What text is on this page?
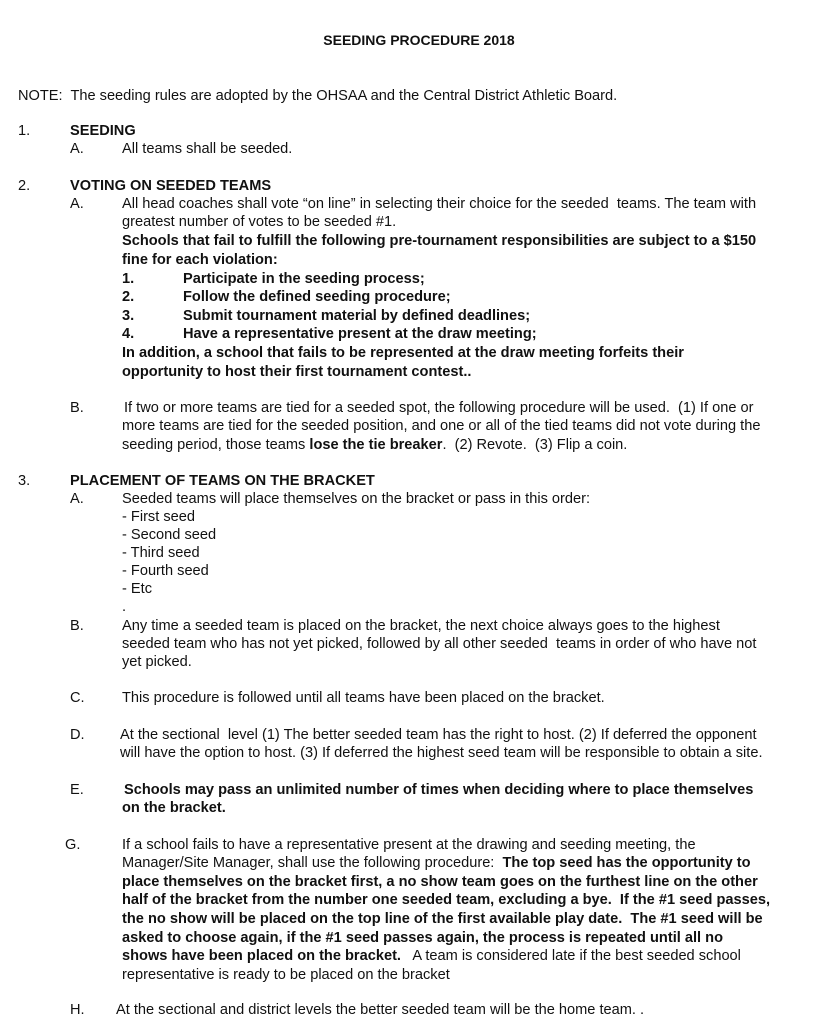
SEEDING PROCEDURE 2018
NOTE:  The seeding rules are adopted by the OHSAA and the Central District Athletic Board.
1.	SEEDING
A.	All teams shall be seeded.
2.	VOTING ON SEEDED TEAMS
A.	All head coaches shall vote “on line” in selecting their choice for the seeded  teams. The team with
greatest number of votes to be seeded #1.
Schools that fail to fulfill the following pre-tournament responsibilities are subject to a $150
fine for each violation:
1.	Participate in the seeding process;
2.	Follow the defined seeding procedure;
3.	Submit tournament material by defined deadlines;
4.	Have a representative present at the draw meeting;
In addition, a school that fails to be represented at the draw meeting forfeits their
opportunity to host their first tournament contest..
B.	If two or more teams are tied for a seeded spot, the following procedure will be used.  (1) If one or
more teams are tied for the seeded position, and one or all of the tied teams did not vote during the
seeding period, those teams lose the tie breaker.  (2) Revote.  (3) Flip a coin.
3.	PLACEMENT OF TEAMS ON THE BRACKET
A.	Seeded teams will place themselves on the bracket or pass in this order:
- First seed
- Second seed
- Third seed
- Fourth seed
- Etc
.
B.	Any time a seeded team is placed on the bracket, the next choice always goes to the highest
seeded team who has not yet picked, followed by all other seeded  teams in order of who have not
yet picked.
C.	This procedure is followed until all teams have been placed on the bracket.
D. At the sectional  level (1) The better seeded team has the right to host. (2) If deferred the opponent
will have the option to host. (3) If deferred the highest seed team will be responsible to obtain a site.
E.	Schools may pass an unlimited number of times when deciding where to place themselves
on the bracket.
G.	If a school fails to have a representative present at the drawing and seeding meeting, the
Manager/Site Manager, shall use the following procedure:  The top seed has the opportunity to
place themselves on the bracket first, a no show team goes on the furthest line on the other
half of the bracket from the number one seeded team, excluding a bye.  If the #1 seed passes,
the no show will be placed on the top line of the first available play date.  The #1 seed will be
asked to choose again, if the #1 seed passes again, the process is repeated until all no
shows have been placed on the bracket.   A team is considered late if the best seeded school
representative is ready to be placed on the bracket
H. At the sectional and district levels the better seeded team will be the home team. .
